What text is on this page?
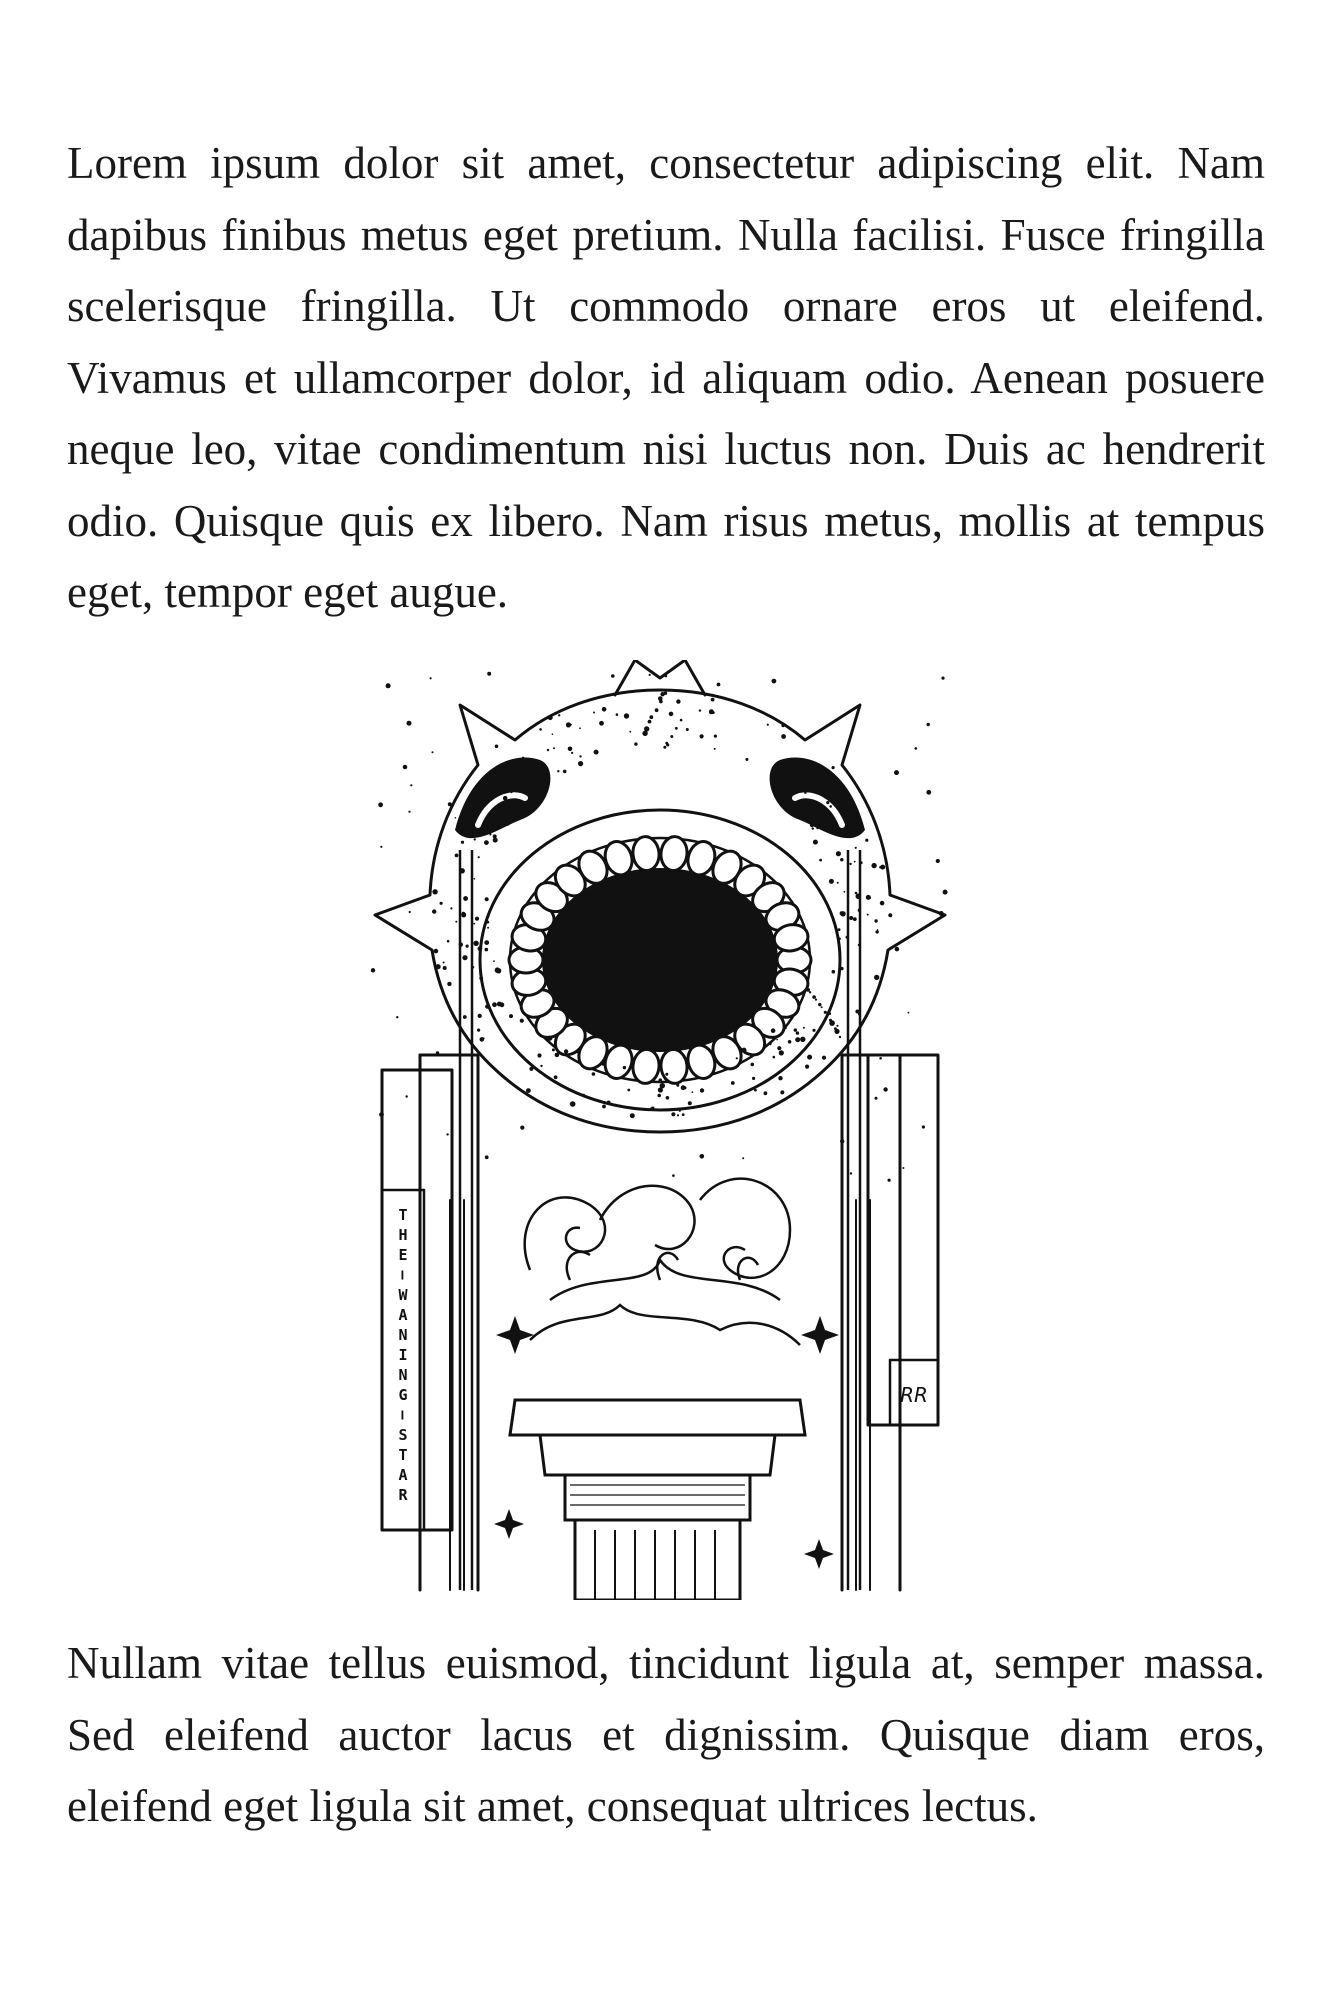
Lorem ipsum dolor sit amet, consectetur adipiscing elit. Nam dapibus finibus metus eget pretium. Nulla facilisi. Fusce fringilla scelerisque fringilla. Ut commodo ornare eros ut eleifend. Vivamus et ullamcorper dolor, id aliquam odio. Aenean posuere neque leo, vitae condimentum nisi luctus non. Duis ac hendrerit odio. Quisque quis ex libero. Nam risus metus, mollis at tempus eget, tempor eget augue.

T
H
E
—
W
A
N
I
N
G
—
S
T
A
R
RR

Nullam vitae tellus euismod, tincidunt ligula at, semper massa. Sed eleifend auctor lacus et dignissim. Quisque diam eros, eleifend eget ligula sit amet, consequat ultrices lectus.
